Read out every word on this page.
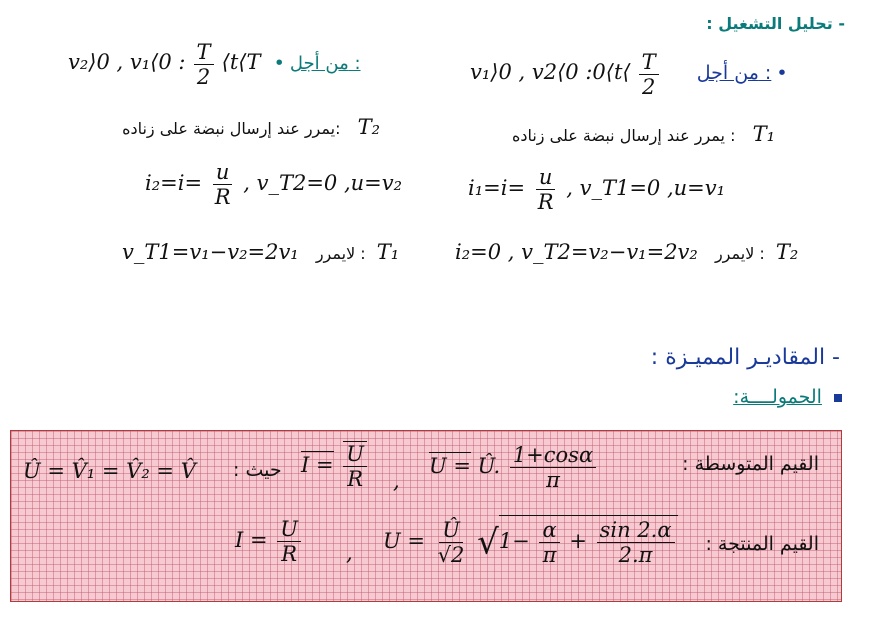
- تحليل التشغيل :
v₁⟩0 , v2⟨0 :0⟨t⟨ $\frac{T}{2}$ من أجل : •
v₂⟩0 , v₁⟨0 : $\frac{T}{2}$ ⟨t⟨T • من أجل :
T₁ : يمرر عند إرسال نبضة على زناده
T₂ :يمرر عند إرسال نبضة على زناده
$i_1=i= \frac{u}{R}$ , v_T1=0 ,u=v₁
$i_2=i= \frac{u}{R}$ , v_T2=0 ,u=v₂
i₂=0 , v_T2=v₂−v₁=2v₂ لايمرر : T₂
v_T1=v₁−v₂=2v₁ لايمرر : T₁
- المقاديـر المميـزة :
الحمولــــة:
القيم المتوسطة :
U = Û. $\frac{1+\cos\alpha}{\pi}$
,
$I = \frac{U}{R}$
حيث :
Û = V̂₁ = V̂₂ = V̂
القيم المنتجة :
$U = \frac{Û}{√2} √1- \frac{\alpha}{\pi} + \frac{\sin 2.\alpha}{2.\pi}$
,
$I = \frac{U}{R}$
